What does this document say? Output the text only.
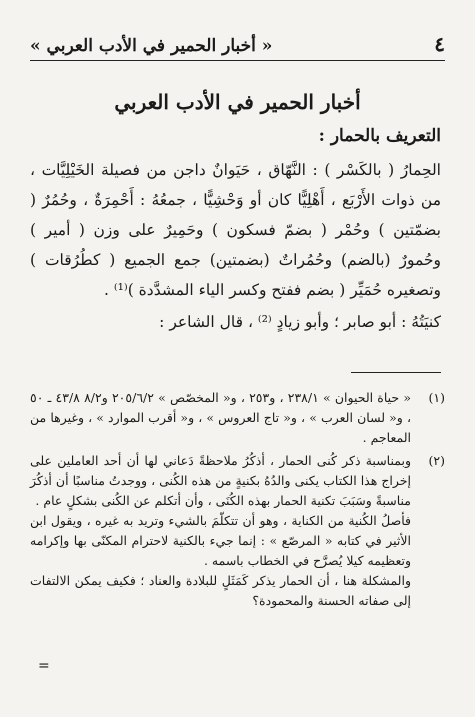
٤
« أخبار الحمير في الأدب العربي »
أخبار الحمير في الأدب العربي
التعريف بالحمار :

الحِمارُ ( بالكَسْر ) : النَّهّاق ، حَيَوانٌ داجن من فصيلة الخَيْلِيَّات ، من ذوات الأَرْبَع ، أَهْلِيًّا كان أو وَحْشِيًّا ، جمعُهُ : أَحْمِرَةٌ ، وحُمُرٌ ( بضمّتين ) وحُمْر ( بضمّ فسكون ) وحَمِيرٌ على وزن ( أمير ) وحُمورٌ (بالضم) وحُمُراتٌ (بضمتين) جمع الجميع ( كطُرُقات ) وتصغيره حُمَيِّر ( بضم ففتح وكسر الياء المشدَّدة )⁽¹⁾ .

كنيَتُهُ : أبو صابر ؛ وأبو زيادٍ ⁽²⁾ ، قال الشاعر :

(١)

« حياة الحيوان » ٢٣٨/١ ، و٢٥٣ ، و« المخصّص » ٢٠٥/٦/٢ و٨/٢ ٤٣/٨ ـ ٥٠ ، و« لسان العرب » ، و« تاج العروس » ، و« أقرب الموارد » ، وغيرها من المعاجم .

(٢)

وبمناسبة ذكر كُنى الحمار ، أذكُرُ ملاحظةً دَعاني لها أن أحد العاملين على إخراج هذا الكتاب يكنى والدُهُ بكنيةٍ من هذه الكُنى ، ووجدتُ مناسبًا أن أذكُرَ مناسبةً وسَبَبَ تكنية الحمار بهذه الكُنَى ، وأن أتكلم عن الكُنى بشكلٍ عام .

فأصلُ الكُنية من الكناية ، وهو أن تتكلّمَ بالشيء وتريد به غيره ، ويقول ابن الأثير في كتابه « المرصّع » : إنما جيء بالكنية لاحترام المكنّى بها وإكرامه وتعظيمه كيلا يُصرَّح في الخطاب باسمه .

والمشكلة هنا ، أن الحمار يذكر كَمَثَلٍ للبلادة والعناد ؛ فكيف يمكن الالتفات إلى صفاته الحسنة والمحمودة؟

=
